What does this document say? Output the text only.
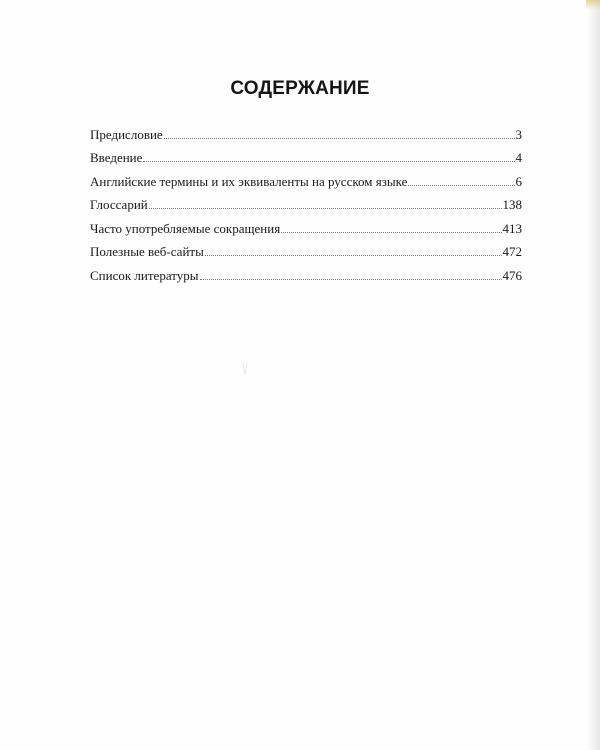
СОДЕРЖАНИЕ
Предисловие	3
Введение	4
Английские термины и их эквиваленты на русском языке	6
Глоссарий	138
Часто употребляемые сокращения	413
Полезные веб-сайты	472
Список литературы	476
